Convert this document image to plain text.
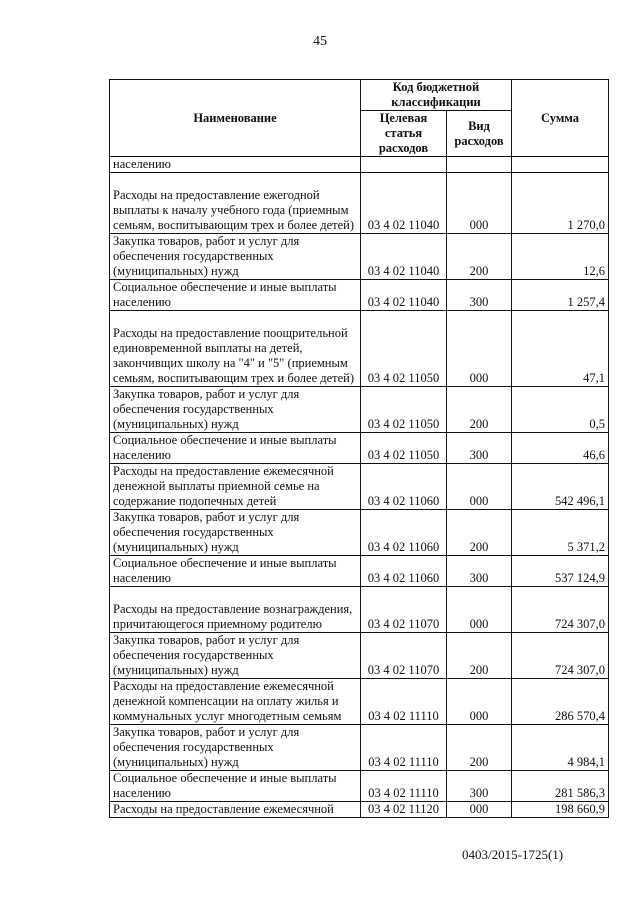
45
Наименование	Код бюджетной классификации		Сумма
	Целевая статья расходов	Вид расходов	
населению			
Расходы на предоставление ежегодной выплаты к началу учебного года (приемным семьям, воспитывающим трех и более детей)	03 4 02 11040	000	1 270,0
Закупка товаров, работ и услуг для обеспечения государственных (муниципальных) нужд	03 4 02 11040	200	12,6
Социальное обеспечение и иные выплаты населению	03 4 02 11040	300	1 257,4
Расходы на предоставление поощрительной единовременной выплаты на детей, закончивщих школу на "4" и "5" (приемным семьям, воспитывающим трех и более детей)	03 4 02 11050	000	47,1
Закупка товаров, работ и услуг для обеспечения государственных (муниципальных) нужд	03 4 02 11050	200	0,5
Социальное обеспечение и иные выплаты населению	03 4 02 11050	300	46,6
Расходы на предоставление ежемесячной денежной выплаты приемной семье на содержание подопечных детей	03 4 02 11060	000	542 496,1
Закупка товаров, работ и услуг для обеспечения государственных (муниципальных) нужд	03 4 02 11060	200	5 371,2
Социальное обеспечение и иные выплаты населению	03 4 02 11060	300	537 124,9
Расходы на предоставление вознаграждения, причитающегося приемному родителю	03 4 02 11070	000	724 307,0
Закупка товаров, работ и услуг для обеспечения государственных (муниципальных) нужд	03 4 02 11070	200	724 307,0
Расходы на предоставление ежемесячной денежной компенсации на оплату жилья и коммунальных услуг многодетным семьям	03 4 02 11110	000	286 570,4
Закупка товаров, работ и услуг для обеспечения государственных (муниципальных) нужд	03 4 02 11110	200	4 984,1
Социальное обеспечение и иные выплаты населению	03 4 02 11110	300	281 586,3
Расходы на предоставление ежемесячной	03 4 02 11120	000	198 660,9
0403/2015-1725(1)
